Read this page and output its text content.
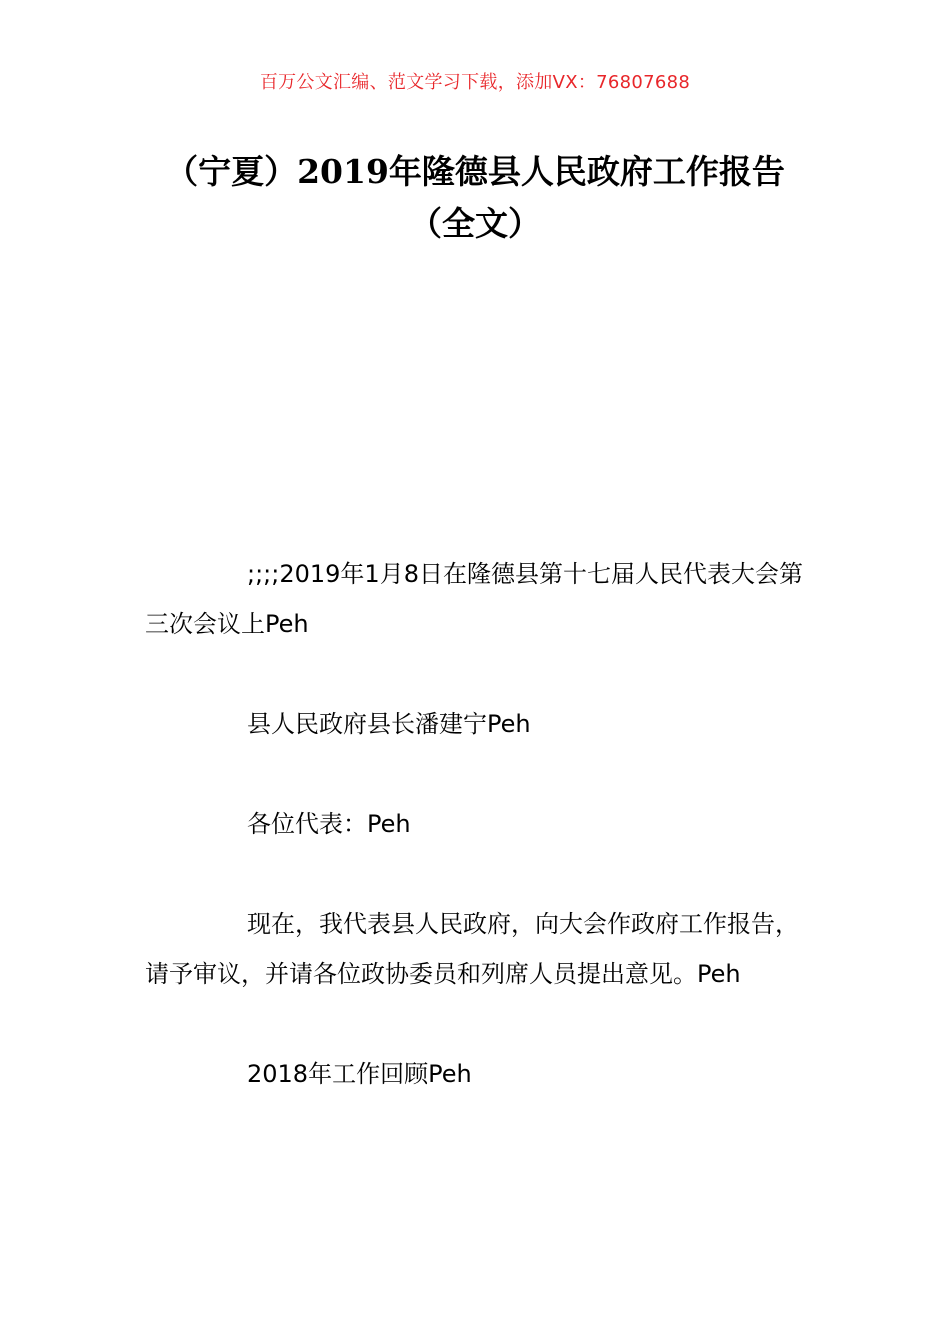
百万公文汇编、范文学习下载，添加VX：76807688
（宁夏）2019年隆德县人民政府工作报告
（全文）

;;;;2019年1月8日在隆德县第十七届人民代表大会第三次会议上Peh

县人民政府县长潘建宁Peh

各位代表：Peh

现在，我代表县人民政府，向大会作政府工作报告，请予审议，并请各位政协委员和列席人员提出意见。Peh

2018年工作回顾Peh
